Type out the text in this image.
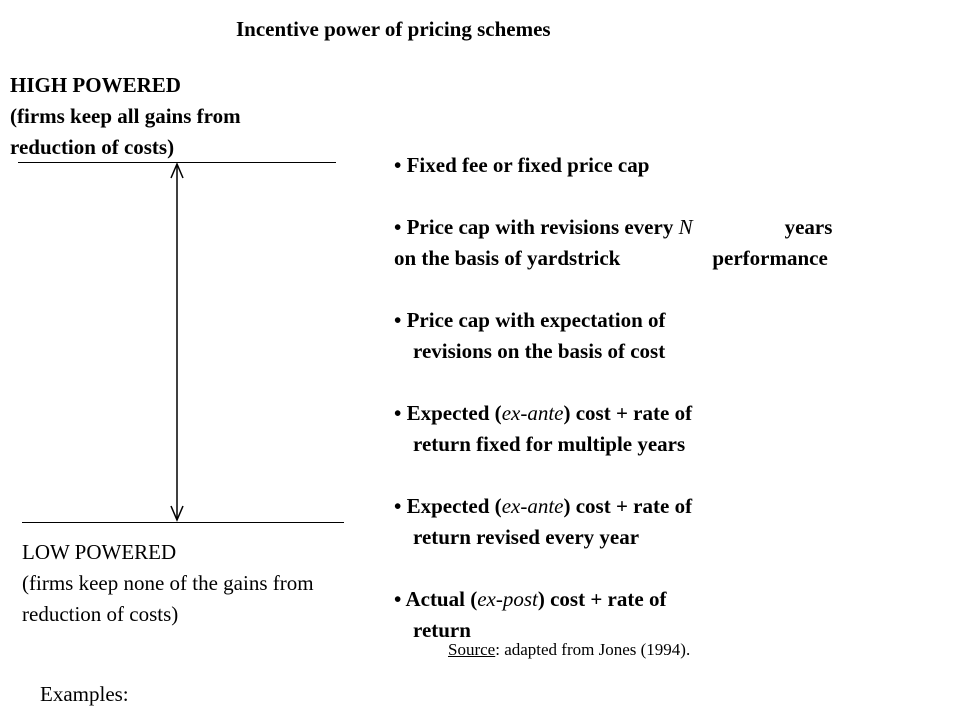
Incentive power of pricing schemes
HIGH POWERED
(firms keep all gains from
reduction of costs)
LOW POWERED
(firms keep none of the gains from
reduction of costs)
Examples:
• Fixed fee or fixed price cap
• Price cap with revisions every N	years
on the basis of yardstrick	performance
• Price cap with expectation of
revisions on the basis of cost
• Expected (ex-ante) cost + rate of
return fixed for multiple years
• Expected (ex-ante) cost + rate of
return revised every year
• Actual (ex-post) cost + rate of
return
Source: adapted from Jones (1994).
